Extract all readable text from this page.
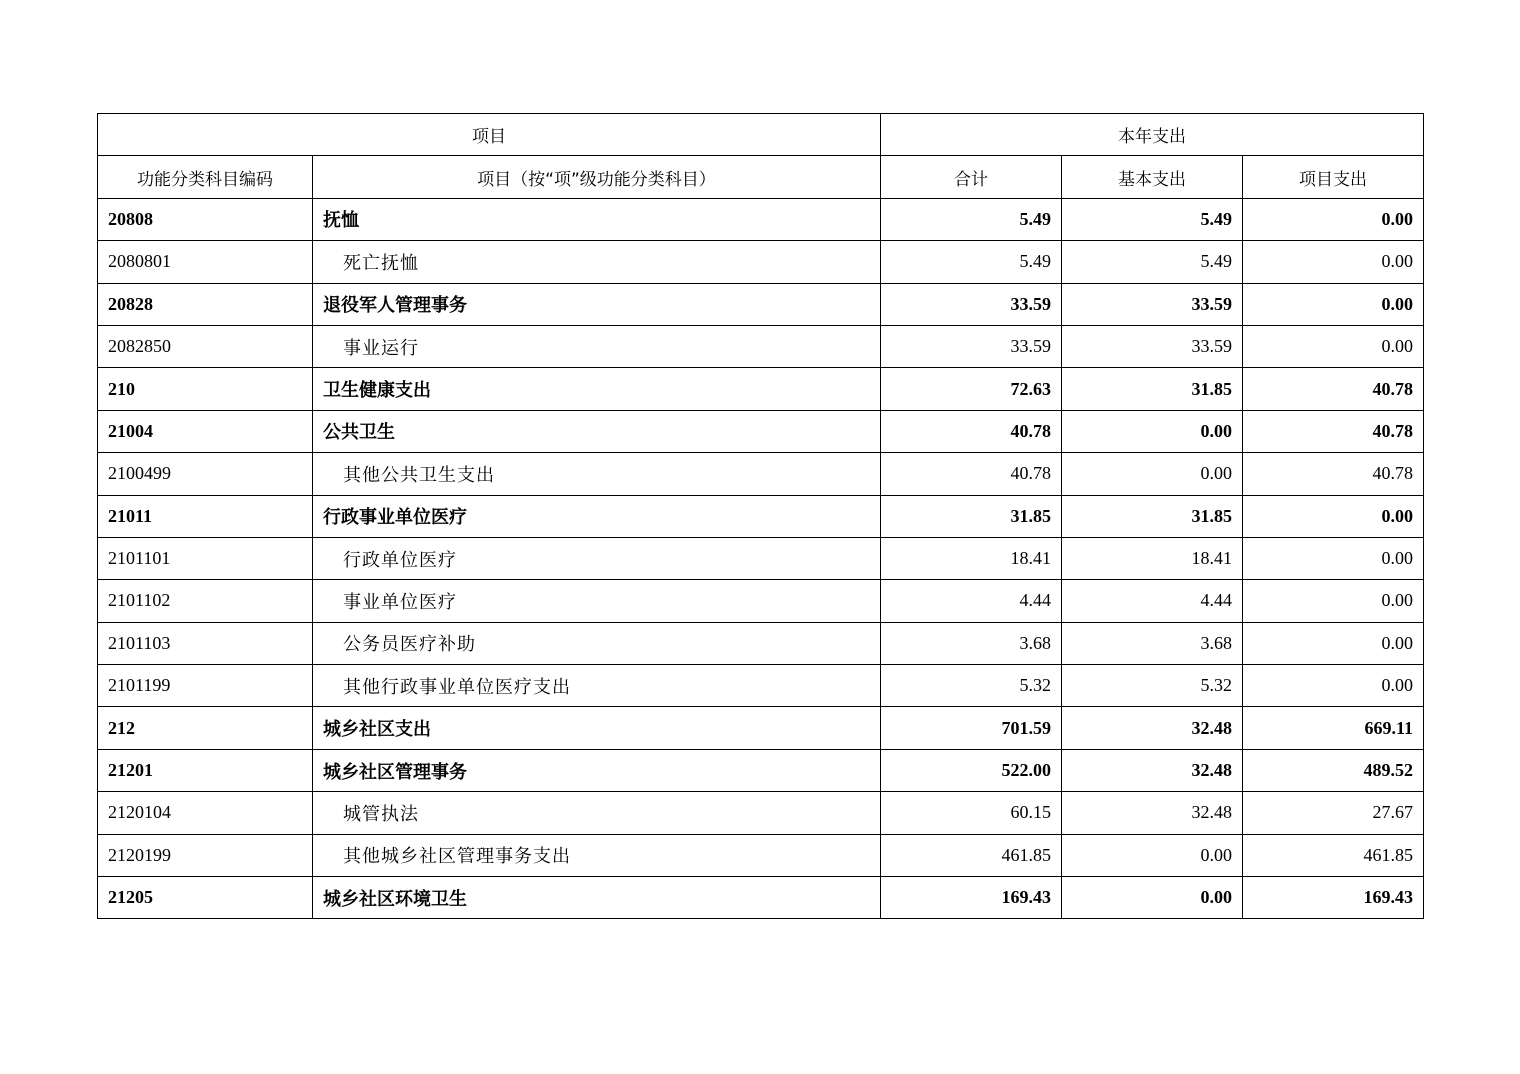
项目		本年支出		
功能分类科目编码	项目（按“项”级功能分类科目）	合计	基本支出	项目支出
20808	抚恤	5.49	5.49	0.00
2080801	死亡抚恤	5.49	5.49	0.00
20828	退役军人管理事务	33.59	33.59	0.00
2082850	事业运行	33.59	33.59	0.00
210	卫生健康支出	72.63	31.85	40.78
21004	公共卫生	40.78	0.00	40.78
2100499	其他公共卫生支出	40.78	0.00	40.78
21011	行政事业单位医疗	31.85	31.85	0.00
2101101	行政单位医疗	18.41	18.41	0.00
2101102	事业单位医疗	4.44	4.44	0.00
2101103	公务员医疗补助	3.68	3.68	0.00
2101199	其他行政事业单位医疗支出	5.32	5.32	0.00
212	城乡社区支出	701.59	32.48	669.11
21201	城乡社区管理事务	522.00	32.48	489.52
2120104	城管执法	60.15	32.48	27.67
2120199	其他城乡社区管理事务支出	461.85	0.00	461.85
21205	城乡社区环境卫生	169.43	0.00	169.43
